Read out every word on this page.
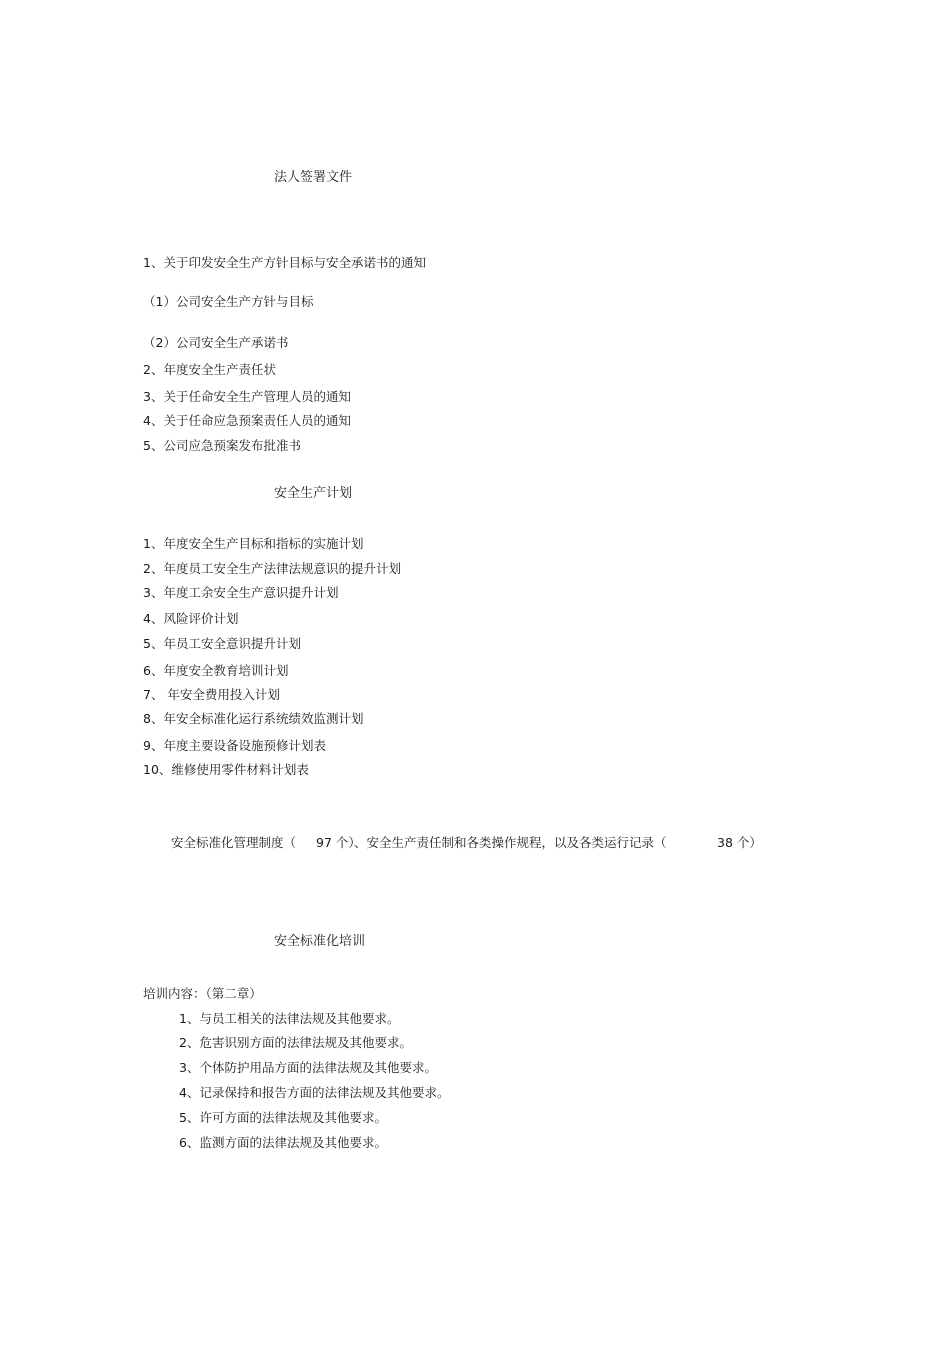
法人签署文件
1、关于印发安全生产方针目标与安全承诺书的通知
（1）公司安全生产方针与目标
（2）公司安全生产承诺书
2、年度安全生产责任状
3、关于任命安全生产管理人员的通知
4、关于任命应急预案责任人员的通知
5、公司应急预案发布批准书
安全生产计划
1、年度安全生产目标和指标的实施计划
2、年度员工安全生产法律法规意识的提升计划
3、年度工余安全生产意识提升计划
4、风险评价计划
5、年员工安全意识提升计划
6、年度安全教育培训计划
7、 年安全费用投入计划
8、年安全标准化运行系统绩效监测计划
9、年度主要设备设施预修计划表
10、维修使用零件材料计划表
安全标准化管理制度（ 97 个）
、安全生产责任制和各类操作规程，以及各类运行记录（	38 个）
安全标准化培训
培训内容：（第二章）
1、与员工相关的法律法规及其他要求。
2、危害识别方面的法律法规及其他要求。
3、个体防护用品方面的法律法规及其他要求。
4、记录保持和报告方面的法律法规及其他要求。
5、许可方面的法律法规及其他要求。
6、监测方面的法律法规及其他要求。
